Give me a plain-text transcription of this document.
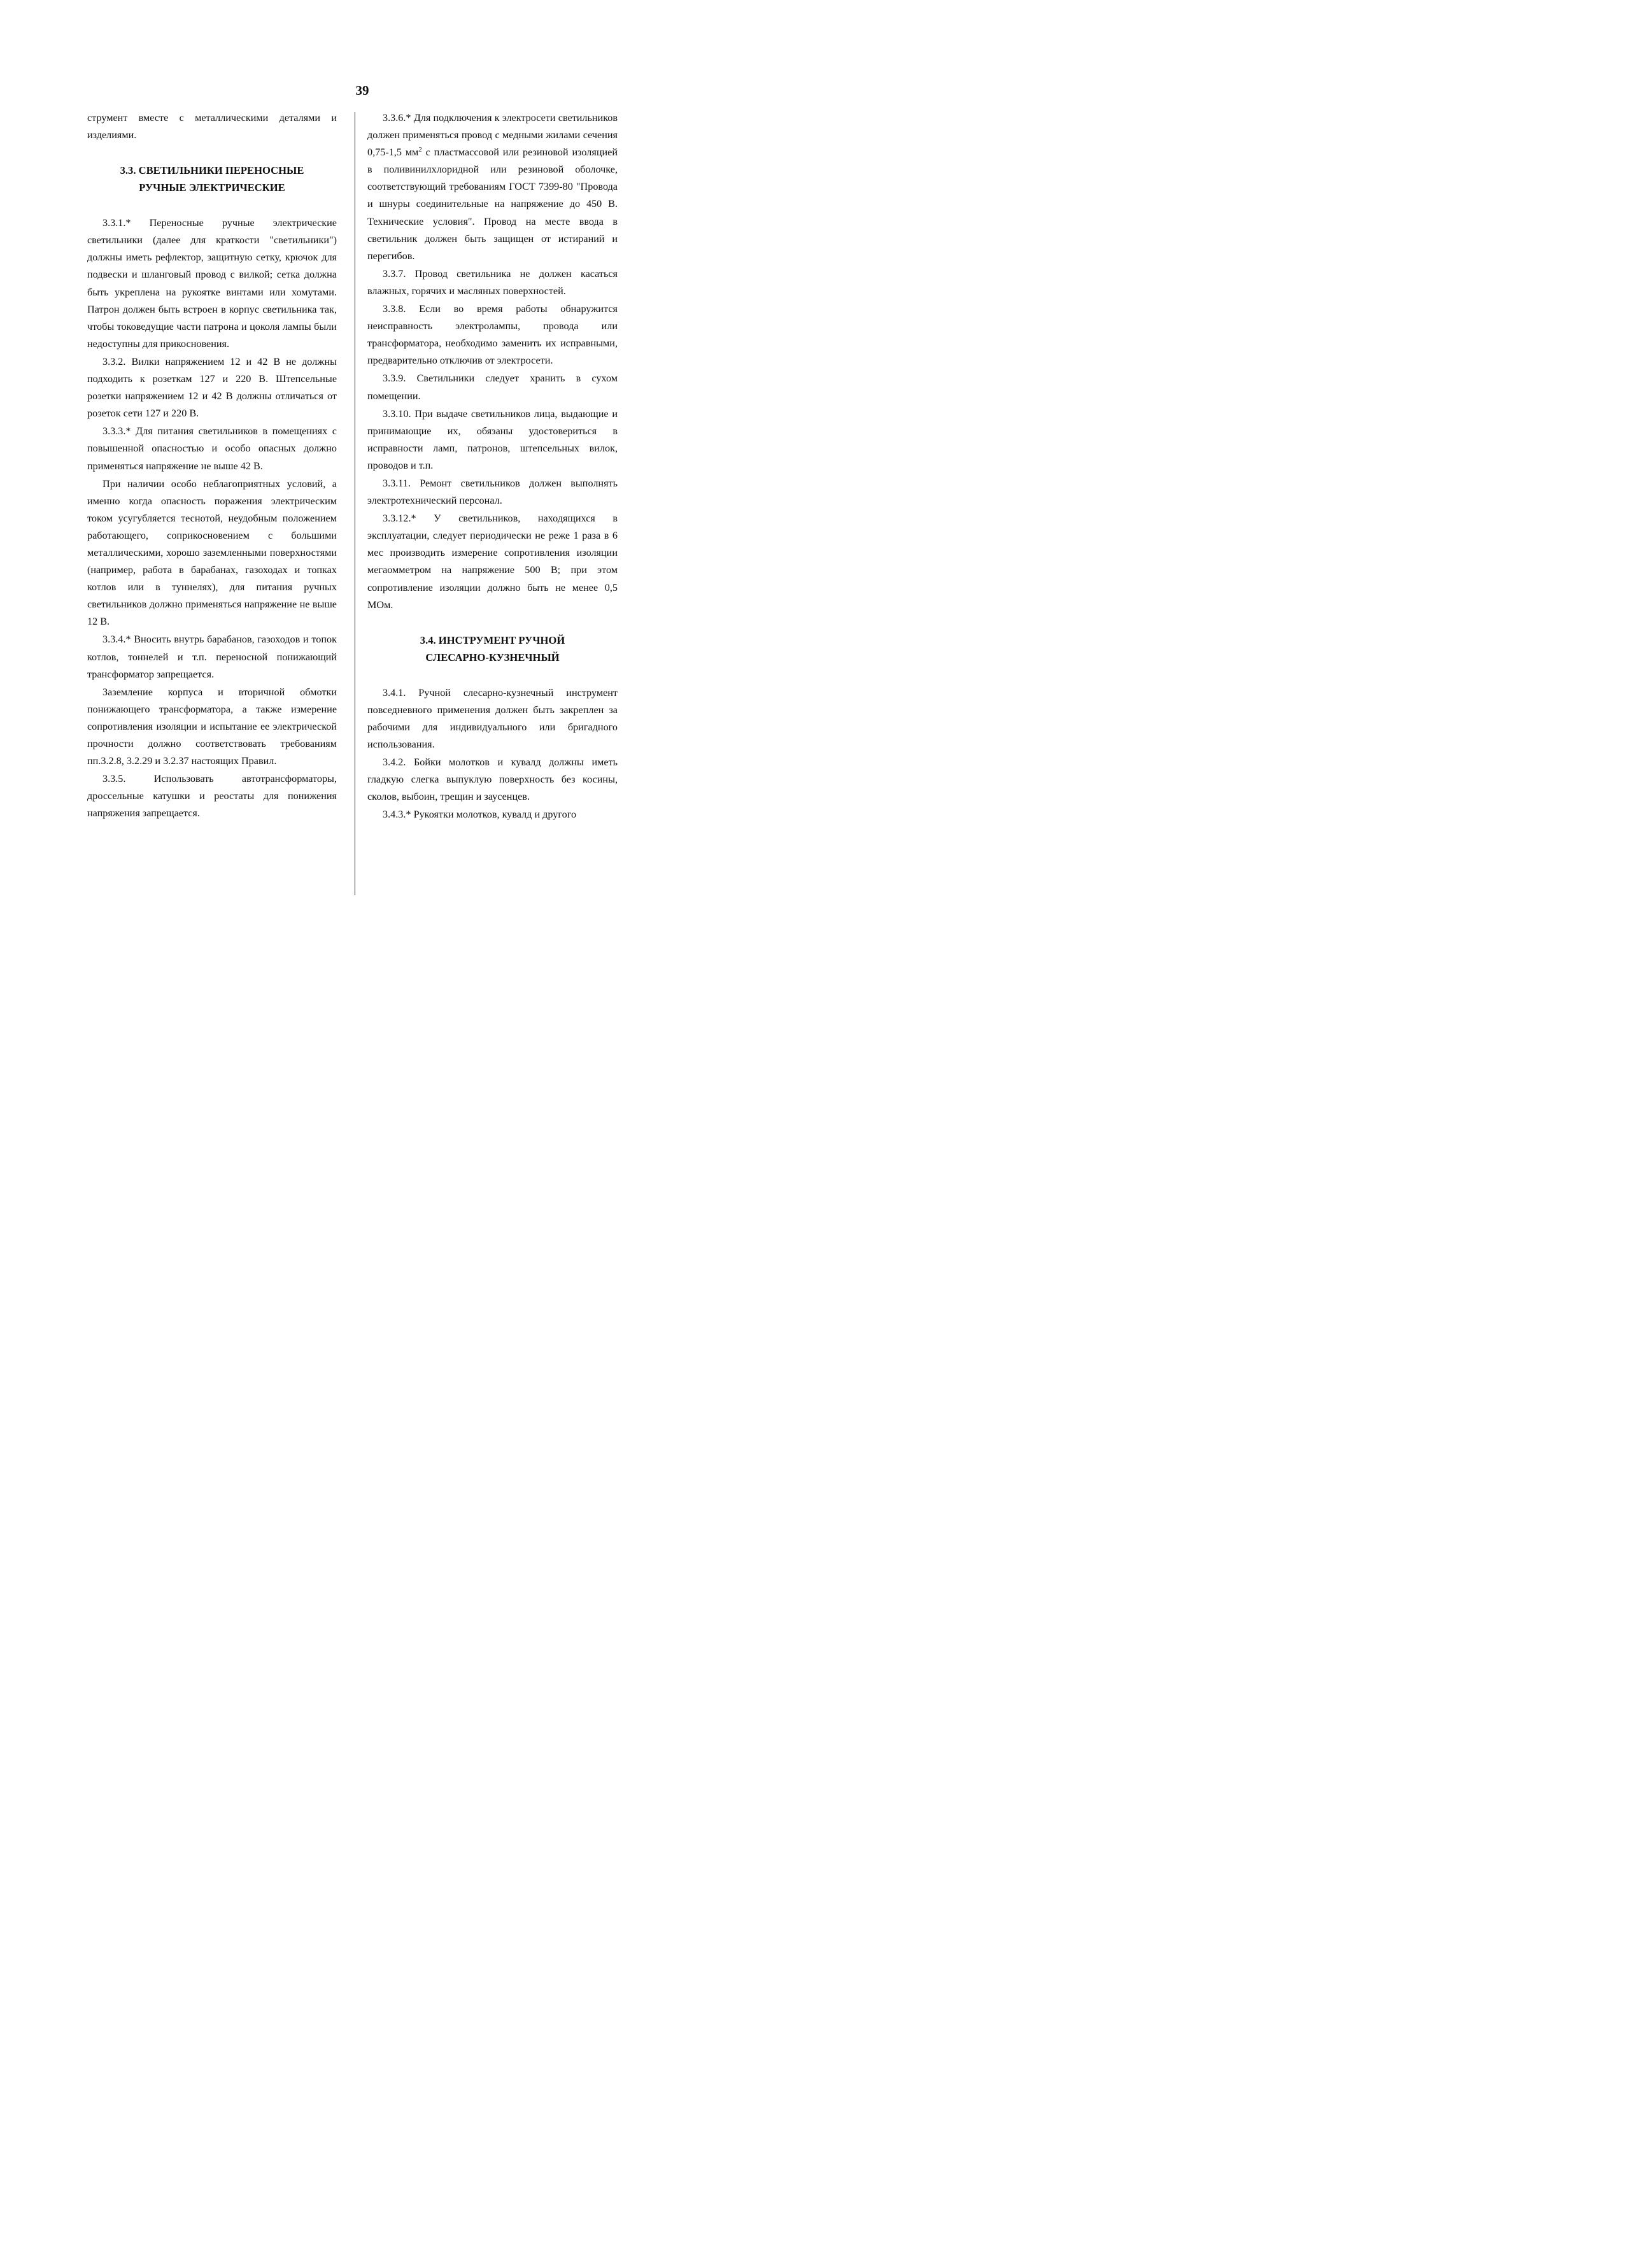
39

струмент вместе с металлическими деталями и изделиями.

3.3. СВЕТИЛЬНИКИ ПЕРЕНОСНЫЕ
РУЧНЫЕ ЭЛЕКТРИЧЕСКИЕ

3.3.1.* Переносные ручные электрические светильники (далее для краткости "светильники") должны иметь рефлектор, защитную сетку, крючок для подвески и шланговый провод с вилкой; сетка должна быть укреплена на рукоятке винтами или хомутами. Патрон должен быть встроен в корпус светильника так, чтобы токоведущие части патрона и цоколя лампы были недоступны для прикосновения.

3.3.2. Вилки напряжением 12 и 42 В не должны подходить к розеткам 127 и 220 В. Штепсельные розетки напряжением 12 и 42 В должны отличаться от розеток сети 127 и 220 В.

3.3.3.* Для питания светильников в помещениях с повышенной опасностью и особо опасных должно применяться напряжение не выше 42 В.

При наличии особо неблагоприятных условий, а именно когда опасность поражения электрическим током усугубляется теснотой, неудобным положением работающего, соприкосновением с большими металлическими, хорошо заземленными поверхностями (например, работа в барабанах, газоходах и топках котлов или в туннелях), для питания ручных светильников должно применяться напряжение не выше 12 В.

3.3.4.* Вносить внутрь барабанов, газоходов и топок котлов, тоннелей и т.п. переносной понижающий трансформатор запрещается.

Заземление корпуса и вторичной обмотки понижающего трансформатора, а также измерение сопротивления изоляции и испытание ее электрической прочности должно соответствовать требованиям пп.3.2.8, 3.2.29 и 3.2.37 настоящих Правил.

3.3.5. Использовать автотрансформаторы, дроссельные катушки и реостаты для понижения напряжения запрещается.

3.3.6.* Для подключения к электросети светильников должен применяться провод с медными жилами сечения 0,75-1,5 $мм^2$ с пластмассовой или резиновой изоляцией в поливинилхлоридной или резиновой оболочке, соответствующий требованиям ГОСТ 7399-80 "Провода и шнуры соединительные на напряжение до 450 В. Технические условия". Провод на месте ввода в светильник должен быть защищен от истираний и перегибов.

3.3.7. Провод светильника не должен касаться влажных, горячих и масляных поверхностей.

3.3.8. Если во время работы обнаружится неисправность электролампы, провода или трансформатора, необходимо заменить их исправными, предварительно отключив от электросети.

3.3.9. Светильники следует хранить в сухом помещении.

3.3.10. При выдаче светильников лица, выдающие и принимающие их, обязаны удостовериться в исправности ламп, патронов, штепсельных вилок, проводов и т.п.

3.3.11. Ремонт светильников должен выполнять электротехнический персонал.

3.3.12.* У светильников, находящихся в эксплуатации, следует периодически не реже 1 раза в 6 мес производить измерение сопротивления изоляции мегаомметром на напряжение 500 В; при этом сопротивление изоляции должно быть не менее 0,5 МОм.

3.4. ИНСТРУМЕНТ РУЧНОЙ
СЛЕСАРНО-КУЗНЕЧНЫЙ

3.4.1. Ручной слесарно-кузнечный инструмент повседневного применения должен быть закреплен за рабочими для индивидуального или бригадного использования.

3.4.2. Бойки молотков и кувалд должны иметь гладкую слегка выпуклую поверхность без косины, сколов, выбоин, трещин и заусенцев.

3.4.3.* Рукоятки молотков, кувалд и другого
